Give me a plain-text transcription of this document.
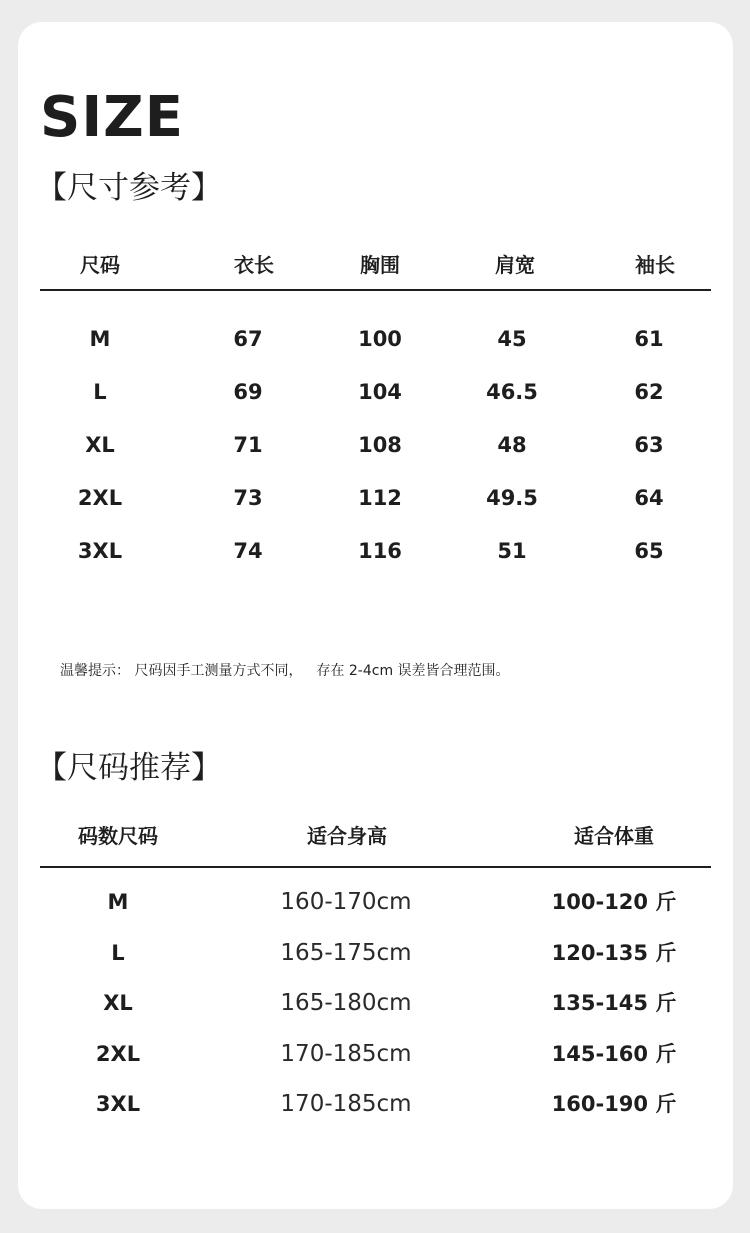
SIZE
【尺寸参考】
尺码	衣长	胸围	肩宽	袖长
M	67	100	45	61
L	69	104	46.5	62
XL	71	108	48	63
2XL	73	112	49.5	64
3XL	74	116	51	65
温馨提示： 尺码因手工测量方式不同， 存在 2-4cm 误差皆合理范围。
【尺码推荐】
码数尺码	适合身高	适合体重
M	160-170cm	100-120 斤
L	165-175cm	120-135 斤
XL	165-180cm	135-145 斤
2XL	170-185cm	145-160 斤
3XL	170-185cm	160-190 斤
